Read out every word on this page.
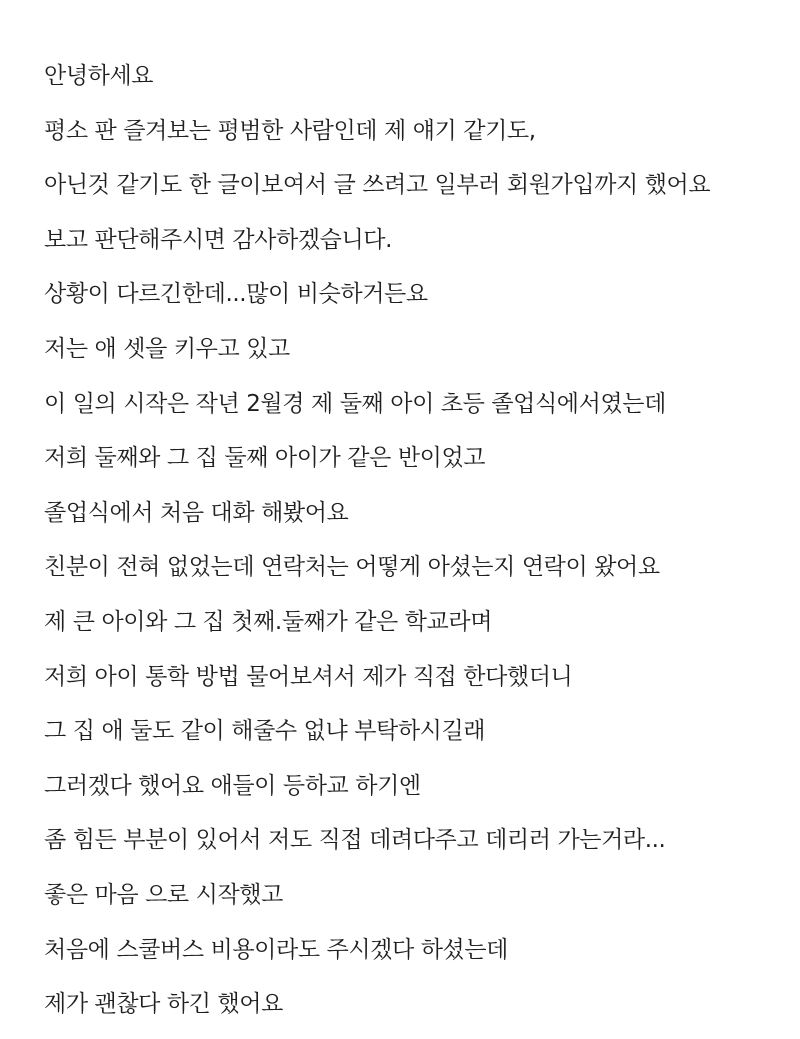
안녕하세요
평소 판 즐겨보는 평범한 사람인데 제 얘기 같기도,
아닌것 같기도 한 글이보여서 글 쓰려고 일부러 회원가입까지 했어요
보고 판단해주시면 감사하겠습니다.
상황이 다르긴한데...많이 비슷하거든요
저는 애 셋을 키우고 있고
이 일의 시작은 작년 2월경 제 둘째 아이 초등 졸업식에서였는데
저희 둘째와 그 집 둘째 아이가 같은 반이었고
졸업식에서 처음 대화 해봤어요
친분이 전혀 없었는데 연락처는 어떻게 아셨는지 연락이 왔어요
제 큰 아이와 그 집 첫째.둘째가 같은 학교라며
저희 아이 통학 방법 물어보셔서 제가 직접 한다했더니
그 집 애 둘도 같이 해줄수 없냐 부탁하시길래
그러겠다 했어요 애들이 등하교 하기엔
좀 힘든 부분이 있어서 저도 직접 데려다주고 데리러 가는거라...
좋은 마음 으로 시작했고
처음에 스쿨버스 비용이라도 주시겠다 하셨는데
제가 괜찮다 하긴 했어요
